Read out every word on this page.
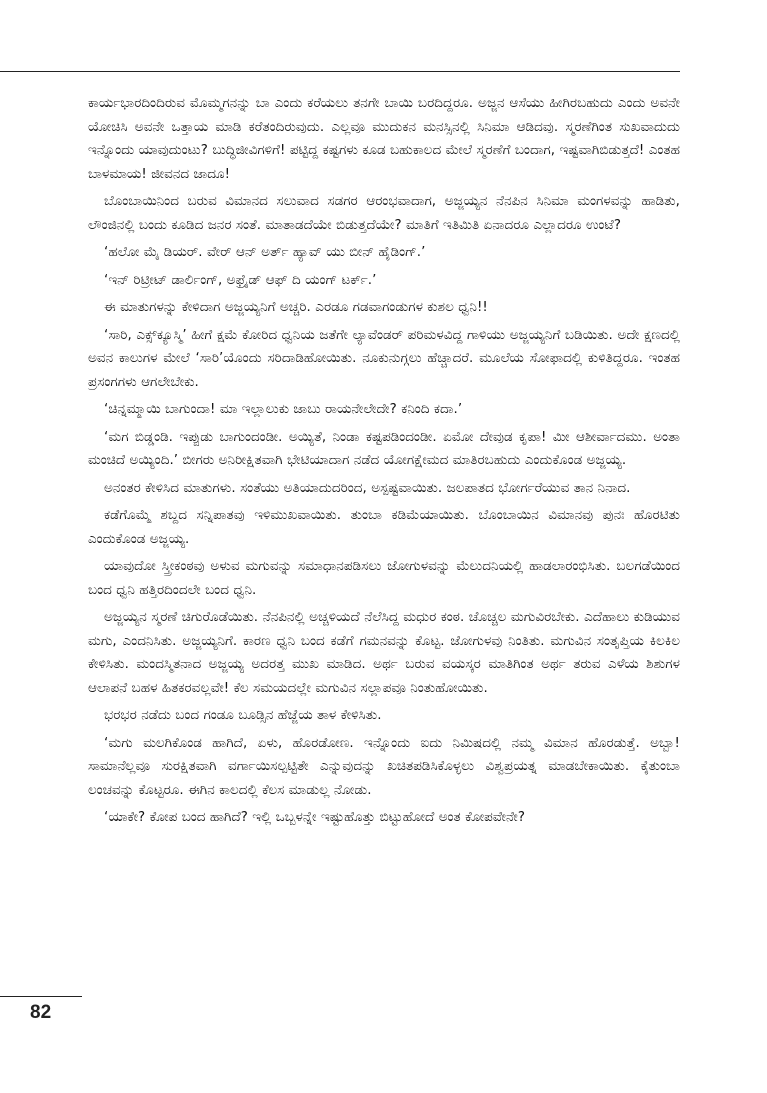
ಕಾರ್ಯಭಾರದಿಂದಿರುವ ಮೊಮ್ಮಗನನ್ನು ಬಾ ಎಂದು ಕರೆಯಲು ತನಗೇ ಬಾಯಿ ಬರದಿದ್ದರೂ. ಅಜ್ಜನ ಆಸೆಯು ಹೀಗಿರಬಹುದು ಎಂದು ಅವನೇ ಯೋಚಿಸಿ ಅವನೇ ಒತ್ತಾಯ ಮಾಡಿ ಕರೆತಂದಿರುವುದು. ಎಲ್ಲವೂ ಮುದುಕನ ಮನಸ್ಸಿನಲ್ಲಿ ಸಿನಿಮಾ ಆಡಿದವು. ಸ್ಮರಣೆಗಿಂತ ಸುಖವಾದುದು ಇನ್ನೊಂದು ಯಾವುದುಂಟು? ಬುದ್ಧಿಜೀವಿಗಳಿಗೆ! ಪಟ್ಟಿದ್ದ ಕಷ್ಟಗಳು ಕೂಡ ಬಹುಕಾಲದ ಮೇಲೆ ಸ್ಮರಣೆಗೆ ಬಂದಾಗ, ಇಷ್ಟವಾಗಿಬಿಡುತ್ತದೆ! ಎಂತಹ ಬಾಳಮಾಯ! ಜೀವನದ ಜಾದೂ!

ಬೊಂಬಾಯಿನಿಂದ ಬರುವ ವಿಮಾನದ ಸಲುವಾದ ಸಡಗರ ಆರಂಭವಾದಾಗ, ಅಜ್ಜಯ್ಯನ ನೆನಪಿನ ಸಿನಿಮಾ ಮಂಗಳವನ್ನು ಹಾಡಿತು, ಲೌಂಜಿನಲ್ಲಿ ಬಂದು ಕೂಡಿದ ಜನರ ಸಂತೆ. ಮಾತಾಡದೆಯೇ ಬಿಡುತ್ತದೆಯೇ? ಮಾತಿಗೆ ಇತಿಮಿತಿ ಏನಾದರೂ ಎಲ್ಲಾದರೂ ಉಂಟೆ?

‘ಹಲೋ ಮೈ ಡಿಯರ್. ವೇರ್ ಆನ್ ಅರ್ತ್ ಹ್ಯಾವ್ ಯು ಬೀನ್ ಹೈಡಿಂಗ್.’

‘ಇನ್ ರಿಟ್ರೀಟ್ ಡಾರ್ಲಿಂಗ್, ಅಫ್ರೈಡ್ ಆಫ್ ದಿ ಯಂಗ್ ಟರ್ಕ್.’

ಈ ಮಾತುಗಳನ್ನು ಕೇಳಿದಾಗ ಅಜ್ಜಯ್ಯನಿಗೆ ಅಚ್ಚರಿ. ಎರಡೂ ಗಡವಾಗಂಡುಗಳ ಕುಶಲ ಧ್ವನಿ!!

‘ಸಾರಿ, ಎಕ್ಸ್‌ಕ್ಯೂಸ್ಮಿ’ ಹೀಗೆ ಕ್ಷಮೆ ಕೋರಿದ ಧ್ವನಿಯ ಜತೆಗೇ ಲ್ಯಾವೆಂಡರ್ ಪರಿಮಳವಿದ್ದ ಗಾಳಿಯು ಅಜ್ಜಯ್ಯನಿಗೆ ಬಡಿಯಿತು. ಅದೇ ಕ್ಷಣದಲ್ಲಿ ಅವನ ಕಾಲುಗಳ ಮೇಲೆ ‘ಸಾರಿ’ಯೊಂದು ಸರಿದಾಡಿಹೋಯಿತು. ನೂಕುನುಗ್ಗಲು ಹೆಚ್ಚಾದರೆ. ಮೂಲೆಯ ಸೋಫಾದಲ್ಲಿ ಕುಳಿತಿದ್ದರೂ. ಇಂತಹ ಪ್ರಸಂಗಗಳು ಆಗಲೇಬೇಕು.

‘ಚಿನ್ನಮ್ಮಾಯಿ ಬಾಗುಂದಾ! ಮಾ ಇಲ್ಲಾಲುಕು ಜಾಬು ರಾಯನೇಲೇದೇ? ಕನಿಂದಿ ಕದಾ.’

‘ಮಗ ಬಿಡ್ಡಂಡಿ. ಇಪ್ಪುಡು ಬಾಗುಂದಂಡೀ. ಅಯ್ಯಿತೆ, ನಿಂಡಾ ಕಷ್ಟಪಡಿಂದಂಡೀ. ಏಮೋ ದೇವುಡ ಕೃಪಾ! ಮೀ ಆಶೀರ್ವಾದಮು. ಅಂತಾ ಮಂಚಿದೆ ಅಯ್ಯಿಂದಿ.’ ಬೀಗರು ಅನಿರೀಕ್ಷಿತವಾಗಿ ಭೇಟಿಯಾದಾಗ ನಡೆದ ಯೋಗಕ್ಷೇಮದ ಮಾತಿರಬಹುದು ಎಂದುಕೊಂಡ ಅಜ್ಜಯ್ಯ.

ಅನಂತರ ಕೇಳಿಸಿದ ಮಾತುಗಳು. ಸಂತೆಯು ಅತಿಯಾದುದರಿಂದ, ಅಸ್ಪಷ್ಟವಾಯಿತು. ಜಲಪಾತದ ಭೋರ್ಗರೆಯುವ ತಾನ ನಿನಾದ.

ಕಡೆಗೊಮ್ಮೆ ಶಬ್ದದ ಸನ್ನಿಪಾತವು ಇಳಿಮುಖವಾಯಿತು. ತುಂಬಾ ಕಡಿಮೆಯಾಯಿತು. ಬೊಂಬಾಯಿನ ವಿಮಾನವು ಪುನಃ ಹೊರಟಿತು ಎಂದುಕೊಂಡ ಅಜ್ಜಯ್ಯ.

ಯಾವುದೋ ಸ್ತ್ರೀಕಂಠವು ಅಳುವ ಮಗುವನ್ನು ಸಮಾಧಾನಪಡಿಸಲು ಜೋಗುಳವನ್ನು ಮೆಲುದನಿಯಲ್ಲಿ ಹಾಡಲಾರಂಭಿಸಿತು. ಬಲಗಡೆಯಿಂದ ಬಂದ ಧ್ವನಿ ಹತ್ತಿರದಿಂದಲೇ ಬಂದ ಧ್ವನಿ.

ಅಜ್ಜಯ್ಯನ ಸ್ಮರಣೆ ಚಿಗುರೊಡೆಯಿತು. ನೆನಪಿನಲ್ಲಿ ಅಚ್ಚಳಿಯದೆ ನೆಲೆಸಿದ್ದ ಮಧುರ ಕಂಠ. ಚೊಚ್ಚಲ ಮಗುವಿರಬೇಕು. ಎದೆಹಾಲು ಕುಡಿಯುವ ಮಗು, ಎಂದನಿಸಿತು. ಅಜ್ಜಯ್ಯನಿಗೆ. ಕಾರಣ ಧ್ವನಿ ಬಂದ ಕಡೆಗೆ ಗಮನವನ್ನು ಕೊಟ್ಟ. ಜೋಗುಳವು ನಿಂತಿತು. ಮಗುವಿನ ಸಂತೃಪ್ತಿಯ ಕಿಲಕಿಲ ಕೇಳಿಸಿತು. ಮಂದಸ್ಮಿತನಾದ ಅಜ್ಜಯ್ಯ ಅದರತ್ತ ಮುಖ ಮಾಡಿದ. ಅರ್ಥ ಬರುವ ವಯಸ್ಕರ ಮಾತಿಗಿಂತ ಅರ್ಥ ತರುವ ಎಳೆಯ ಶಿಶುಗಳ ಆಲಾಪನೆ ಬಹಳ ಹಿತಕರವಲ್ಲವೇ! ಕೆಲ ಸಮಯದಲ್ಲೇ ಮಗುವಿನ ಸಲ್ಲಾಪವೂ ನಿಂತುಹೋಯಿತು.

ಭರಭರ ನಡೆದು ಬಂದ ಗಂಡೂ ಬೂಡ್ಸಿನ ಹೆಜ್ಜೆಯ ತಾಳ ಕೇಳಿಸಿತು.

‘ಮಗು ಮಲಗಿಕೊಂಡ ಹಾಗಿದೆ, ಏಳು, ಹೊರಡೋಣ. ಇನ್ನೊಂದು ಐದು ನಿಮಿಷದಲ್ಲಿ ನಮ್ಮ ವಿಮಾನ ಹೊರಡುತ್ತೆ. ಅಬ್ಬಾ! ಸಾಮಾನೆಲ್ಲವೂ ಸುರಕ್ಷಿತವಾಗಿ ವರ್ಗಾಯಿಸಲ್ಪಟ್ಟಿತೇ ಎನ್ನುವುದನ್ನು ಖಚಿತಪಡಿಸಿಕೊಳ್ಳಲು ವಿಶ್ವಪ್ರಯತ್ನ ಮಾಡಬೇಕಾಯಿತು. ಕೈತುಂಬಾ ಲಂಚವನ್ನು ಕೊಟ್ಟರೂ. ಈಗಿನ ಕಾಲದಲ್ಲಿ ಕೆಲಸ ಮಾಡುಲ್ಲ ನೋಡು.

‘ಯಾಕೇ? ಕೋಪ ಬಂದ ಹಾಗಿದೆ? ಇಲ್ಲಿ ಒಬ್ಬಳನ್ನೇ ಇಷ್ಟುಹೊತ್ತು ಬಿಟ್ಟುಹೋದೆ ಅಂತ ಕೋಪವೇನೇ?

82
